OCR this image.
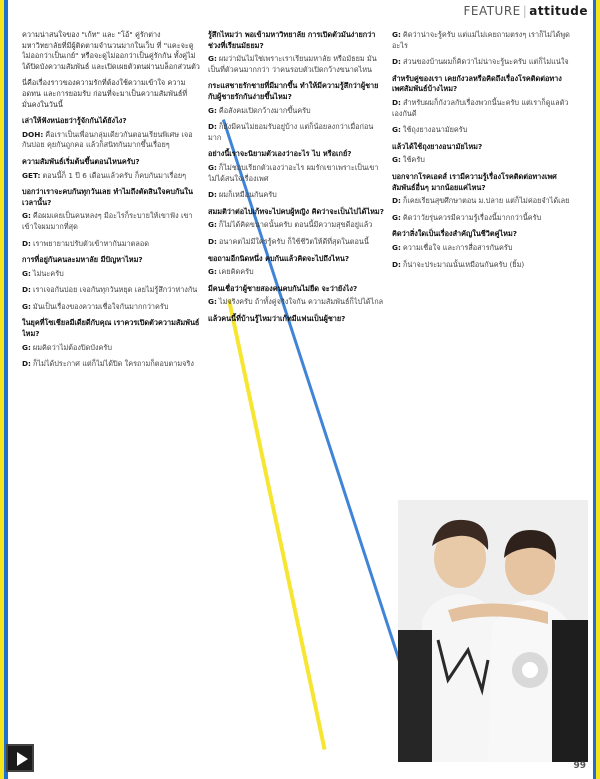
FEATURE | attitude

ความน่าสนใจของ "เก้ท" และ "โอ้" คู่รักต่าง มหาวิทยาลัยที่มีผู้ติดตามจำนวนมากในเว็บ ที่ "แคะจะดูไม่ออกว่าเป็นเกย์" หรือจะดูไม่ออกว่าเป็นคู่รักกัน ทั้งคู่ไม่ได้ปิดบังความสัมพันธ์ และเปิดเผยตัวตนผ่านบล็อกส่วนตัว

นี่คือเรื่องราวของความรักที่ต้องใช้ความเข้าใจ ความอดทน และการยอมรับ ก่อนที่จะมาเป็นความสัมพันธ์ที่มั่นคงในวันนี้

เล่าให้ฟังหน่อยว่ารู้จักกันได้ยังไง?

DOH: คือเราเป็นเพื่อนกลุ่มเดียวกันตอนเรียนพิเศษ เจอกันบ่อย คุยกันถูกคอ แล้วก็สนิทกันมากขึ้นเรื่อยๆ

ความสัมพันธ์เริ่มต้นขึ้นตอนไหนครับ?

GET: ตอนนี้ก็ 1 ปี 6 เดือนแล้วครับ ก็คบกันมาเรื่อยๆ

บอกว่าเราจะคบกันทุกวันเลย ทำไมถึงตัดสินใจคบกันในเวลานั้น?

G: คือผมเคยเป็นคนหลงๆ มีอะไรก็ระบายให้เขาฟัง เขาเข้าใจผมมากที่สุด

D: เราพยายามปรับตัวเข้าหากันมาตลอด

การที่อยู่กันคนละมหาลัย มีปัญหาไหม?

G: ไม่นะครับ

D: เราเจอกันบ่อย เจอกันทุกวันหยุด เลยไม่รู้สึกว่าห่างกัน

G: มันเป็นเรื่องของความเชื่อใจกันมากกว่าครับ

ในยุคที่โซเชียลมีเดียดีกับคุณ เราควรเปิดตัวความสัมพันธ์ไหม?

G: ผมคิดว่าไม่ต้องปิดบังครับ

D: ก็ไม่ได้ประกาศ แต่ก็ไม่ได้ปิด ใครถามก็ตอบตามจริง

รู้สึกไหมว่า พอเข้ามหาวิทยาลัย การเปิดตัวมันง่ายกว่าช่วงที่เรียนมัธยม?

G: ผมว่ามันไม่ใช่เพราะเราเรียนมหาลัย หรือมัธยม มันเป็นที่ตัวคนมากกว่า ว่าคนรอบตัวเปิดกว้างขนาดไหน

กระแสชายรักชายที่มีมากขึ้น ทำให้มีความรู้สึกว่าผู้ชายกับผู้ชายรักกันง่ายขึ้นไหม?

G: คือสังคมเปิดกว้างมากขึ้นครับ

D: ก็ยังมีคนไม่ยอมรับอยู่บ้าง แต่ก็น้อยลงกว่าเมื่อก่อนมาก

อย่างนี้เราจะนิยามตัวเองว่าอะไร ไบ หรือเกย์?

G: ก็ไม่ชอบเรียกตัวเองว่าอะไร ผมรักเขาเพราะเป็นเขา ไม่ได้สนใจเรื่องเพศ

D: ผมก็เหมือนกันครับ

สมมติว่าต่อไปเก้ทจะไปคบผู้หญิง คิดว่าจะเป็นไปได้ไหม?

G: ก็ไม่ได้คิดขนาดนั้นครับ ตอนนี้มีความสุขดีอยู่แล้ว

D: อนาคตไม่มีใครรู้ครับ ก็ใช้ชีวิตให้ดีที่สุดในตอนนี้

ขอถามอีกนิดหนึ่ง คบกันแล้วคิดจะไปถึงไหน?

G: เคยคิดครับ

มีคนเชื่อว่าผู้ชายสองคนคบกันไม่ยืด จะว่ายังไง?

G: ไม่จริงครับ ถ้าทั้งคู่จริงใจกัน ความสัมพันธ์ก็ไปได้ไกล

แล้วคนนี้ที่บ้านรู้ไหมว่าเก้ทมีแฟนเป็นผู้ชาย?

G: คิดว่าน่าจะรู้ครับ แต่แม่ไม่เคยถามตรงๆ เราก็ไม่ได้พูดอะไร

D: ส่วนของบ้านผมก็คิดว่าไม่น่าจะรู้นะครับ แต่ก็ไม่แน่ใจ

สำหรับคู่ของเรา เคยกังวลหรือคิดถึงเรื่องโรคติดต่อทางเพศสัมพันธ์บ้างไหม?

D: สำหรับผมก็กังวลกับเรื่องพวกนี้นะครับ แต่เราก็ดูแลตัวเองกันดี

G: ใช้ถุงยางอนามัยครับ

แล้วได้ใช้ถุงยางอนามัยไหม?

G: ใช้ครับ

บอกจากโรคเอดส์ เรามีความรู้เรื่องโรคติดต่อทางเพศสัมพันธ์อื่นๆ มากน้อยแค่ไหน?

D: ก็เคยเรียนสุขศึกษาตอน ม.ปลาย แต่ก็ไม่ค่อยจำได้เลย

G: คิดว่าวัยรุ่นควรมีความรู้เรื่องนี้มากกว่านี้ครับ

คิดว่าสิ่งใดเป็นเรื่องสำคัญในชีวิตคู่ไหม?

G: ความเชื่อใจ และการสื่อสารกันครับ

D: ก็น่าจะประมาณนั้นเหมือนกันครับ (ยิ้ม)

99
